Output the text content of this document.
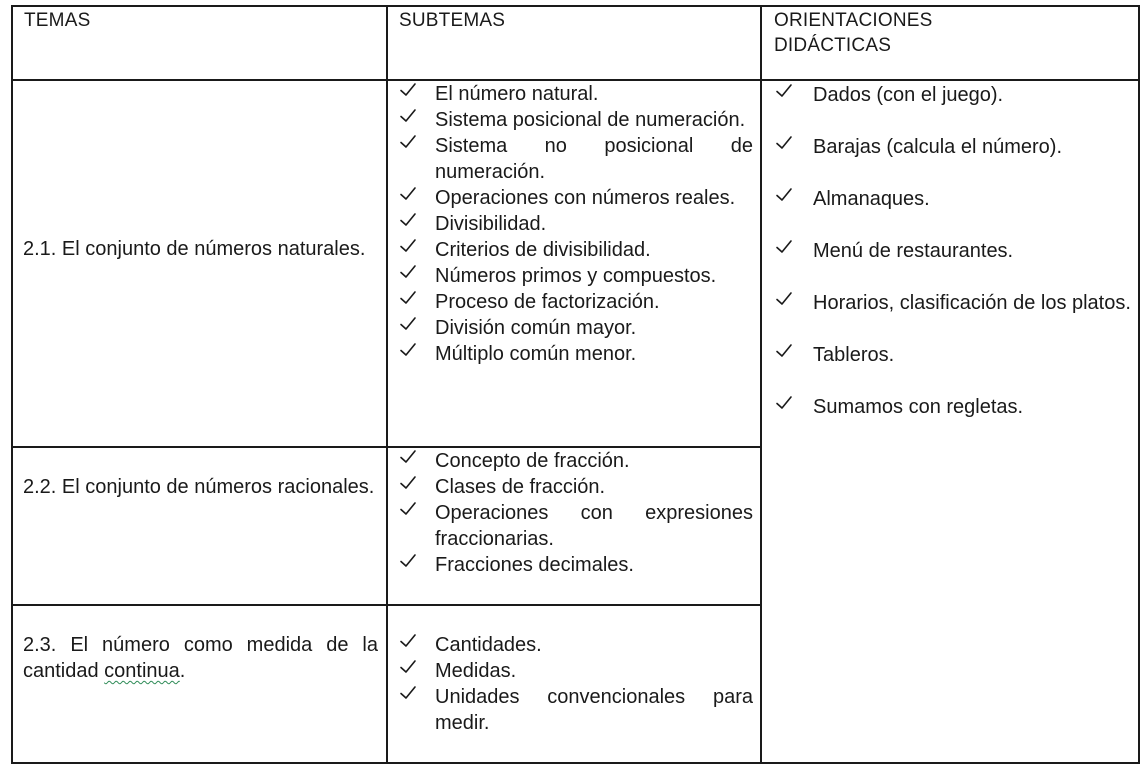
TEMAS	SUBTEMAS	ORIENTACIONES DIDÁCTICAS
2.1. El conjunto de números naturales.
2.2. El conjunto de números racionales.
2.3. El número como medida de la cantidad continua.
El número natural.
Sistema posicional de numeración.
Sistema no posicional de numeración.
Operaciones con números reales.
Divisibilidad.
Criterios de divisibilidad.
Números primos y compuestos.
Proceso de factorización.
División común mayor.
Múltiplo común menor.
Concepto de fracción.
Clases de fracción.
Operaciones con expresiones fraccionarias.
Fracciones decimales.
Cantidades.
Medidas.
Unidades convencionales para medir.
Dados (con el juego).
Barajas (calcula el número).
Almanaques.
Menú de restaurantes.
Horarios, clasificación de los platos.
Tableros.
Sumamos con regletas.
